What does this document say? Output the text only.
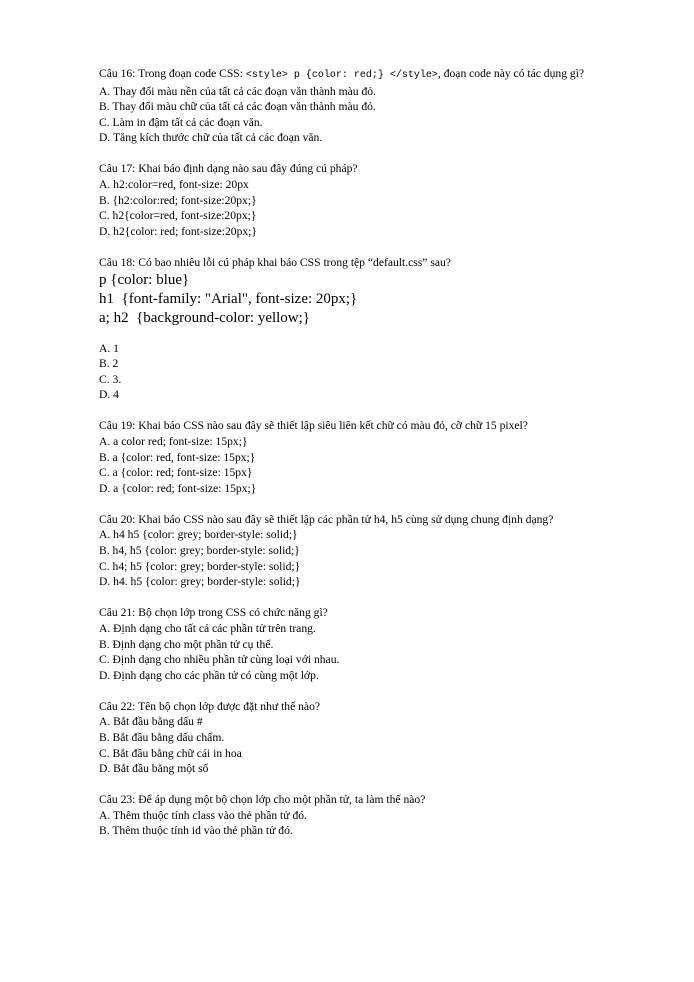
Câu 16: Trong đoạn code CSS: <style> p {color: red;} </style>, đoạn code này có tác dụng gì?
A. Thay đổi màu nền của tất cả các đoạn văn thành màu đỏ.
B. Thay đổi màu chữ của tất cả các đoạn văn thành màu đỏ.
C. Làm in đậm tất cả các đoạn văn.
D. Tăng kích thước chữ của tất cả các đoạn văn.
Câu 17: Khai báo định dạng nào sau đây đúng cú pháp?
A. h2:color=red, font-size: 20px
B. {h2:color:red; font-size:20px;}
C. h2{color=red, font-size:20px;}
D. h2{color: red; font-size:20px;}
Câu 18: Có bao nhiêu lỗi cú pháp khai báo CSS trong tệp “default.css” sau?
p {color: blue}
h1  {font-family: "Arial", font-size: 20px;}
a; h2  {background-color: yellow;}
A. 1
B. 2
C. 3.
D. 4
Câu 19: Khai báo CSS nào sau đây sẽ thiết lập siêu liên kết chữ có màu đỏ, cỡ chữ 15 pixel?
A. a color red; font-size: 15px;}
B. a {color: red, font-size: 15px;}
C. a {color: red; font-size: 15px}
D. a {color: red; font-size: 15px;}
Câu 20: Khai báo CSS nào sau đây sẽ thiết lập các phần tử h4, h5 cùng sử dụng chung định dạng?
A. h4 h5 {color: grey; border-style: solid;}
B. h4, h5 {color: grey; border-style: solid;}
C. h4; h5 {color: grey; border-style: solid;}
D. h4. h5 {color: grey; border-style: solid;}
Câu 21: Bộ chọn lớp trong CSS có chức năng gì?
A. Định dạng cho tất cả các phần tử trên trang.
B. Định dạng cho một phần tử cụ thể.
C. Định dạng cho nhiều phần tử cùng loại với nhau.
D. Định dạng cho các phần tử có cùng một lớp.
Câu 22: Tên bộ chọn lớp được đặt như thế nào?
A. Bắt đầu bằng dấu #
B. Bắt đầu bằng dấu chấm.
C. Bắt đầu bằng chữ cái in hoa
D. Bắt đầu bằng một số
Câu 23: Để áp dụng một bộ chọn lớp cho một phần tử, ta làm thế nào?
A. Thêm thuộc tính class vào thẻ phần tử đó.
B. Thêm thuộc tính id vào thẻ phần tử đó.
